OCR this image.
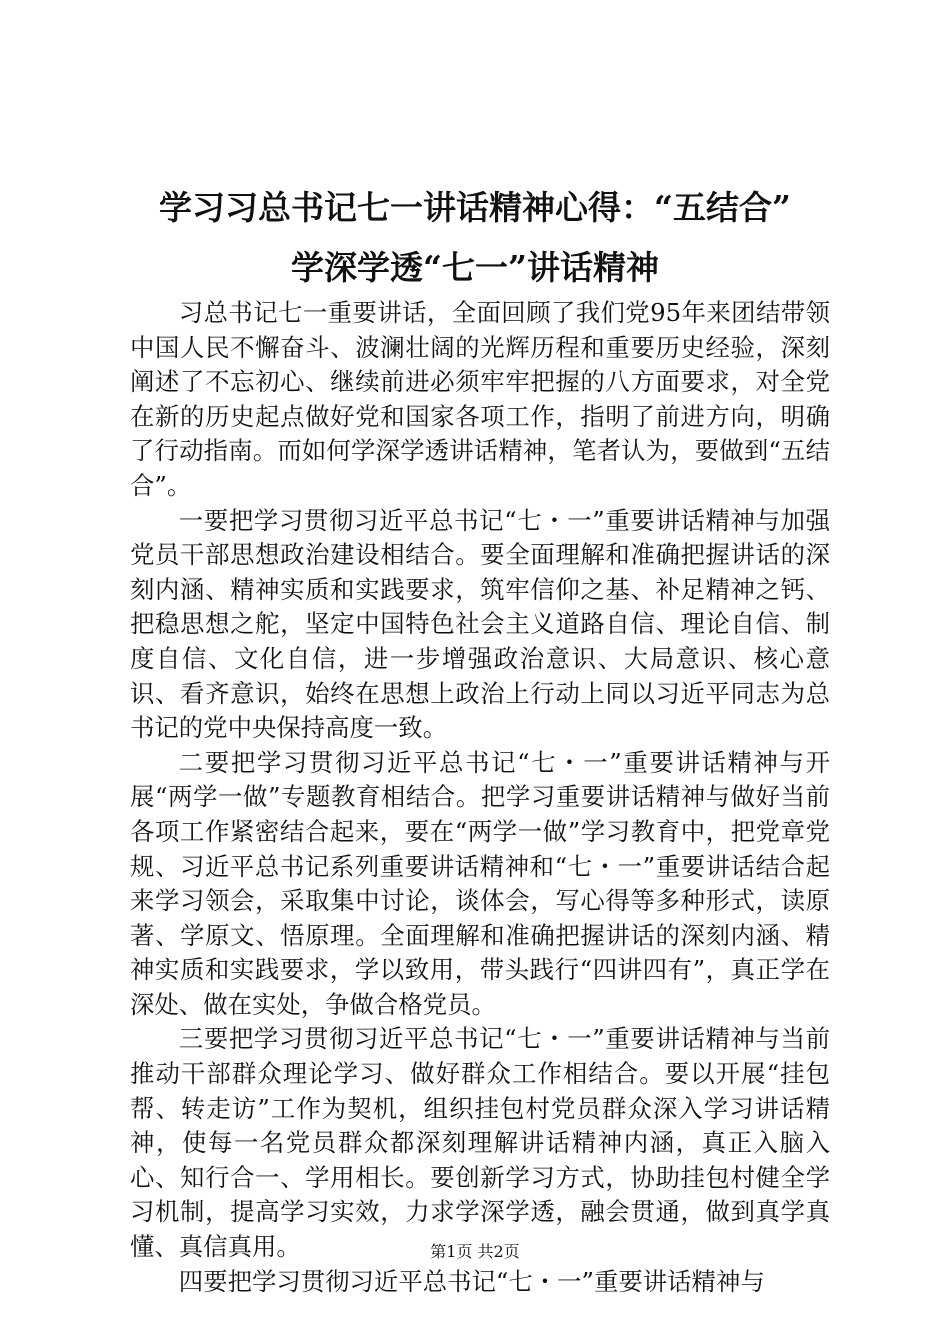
学习习总书记七一讲话精神心得：“五结合”
学深学透“七一”讲话精神

习总书记七一重要讲话，全面回顾了我们党95年来团结带领中国人民不懈奋斗、波澜壮阔的光辉历程和重要历史经验，深刻阐述了不忘初心、继续前进必须牢牢把握的八方面要求，对全党在新的历史起点做好党和国家各项工作，指明了前进方向，明确了行动指南。而如何学深学透讲话精神，笔者认为，要做到“五结合”。

一要把学习贯彻习近平总书记“七・一”重要讲话精神与加强党员干部思想政治建设相结合。要全面理解和准确把握讲话的深刻内涵、精神实质和实践要求，筑牢信仰之基、补足精神之钙、把稳思想之舵，坚定中国特色社会主义道路自信、理论自信、制度自信、文化自信，进一步增强政治意识、大局意识、核心意识、看齐意识，始终在思想上政治上行动上同以习近平同志为总书记的党中央保持高度一致。

二要把学习贯彻习近平总书记“七・一”重要讲话精神与开展“两学一做”专题教育相结合。把学习重要讲话精神与做好当前各项工作紧密结合起来，要在“两学一做”学习教育中，把党章党规、习近平总书记系列重要讲话精神和“七・一”重要讲话结合起来学习领会，采取集中讨论，谈体会，写心得等多种形式，读原著、学原文、悟原理。全面理解和准确把握讲话的深刻内涵、精神实质和实践要求，学以致用，带头践行“四讲四有”，真正学在深处、做在实处，争做合格党员。

三要把学习贯彻习近平总书记“七・一”重要讲话精神与当前推动干部群众理论学习、做好群众工作相结合。要以开展“挂包帮、转走访”工作为契机，组织挂包村党员群众深入学习讲话精神，使每一名党员群众都深刻理解讲话精神内涵，真正入脑入心、知行合一、学用相长。要创新学习方式，协助挂包村健全学习机制，提高学习实效，力求学深学透，融会贯通，做到真学真懂、真信真用。

四要把学习贯彻习近平总书记“七・一”重要讲话精神与

第1页 共2页
